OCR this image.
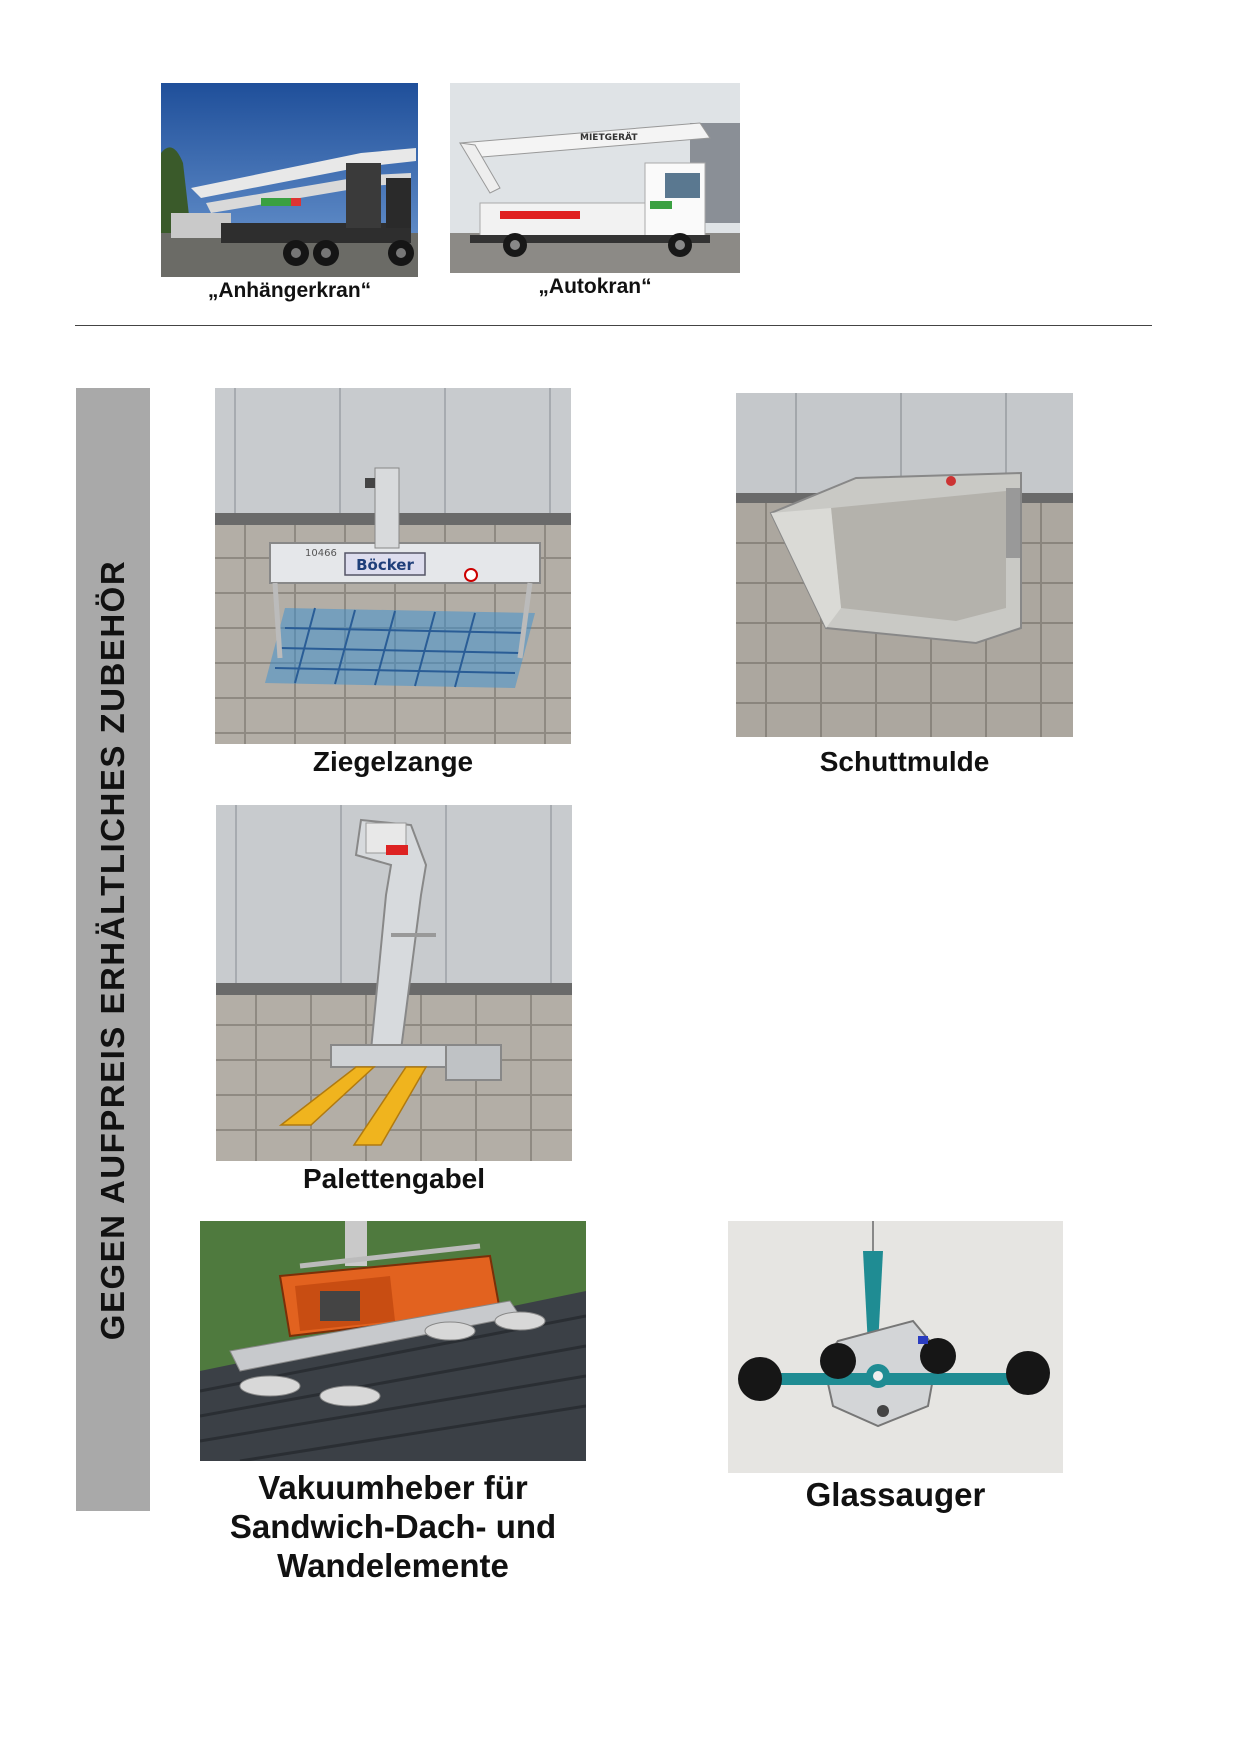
„Anhängerkran“
MIETGERÄT
„Autokran“
GEGEN AUFPREIS ERHÄLTLICHES ZUBEHÖR	Böcker
10466
Ziegelzange	Schuttmulde
Palettengabel
Vakuumheber für
Sandwich-Dach- und
Wandelemente
Glassauger
